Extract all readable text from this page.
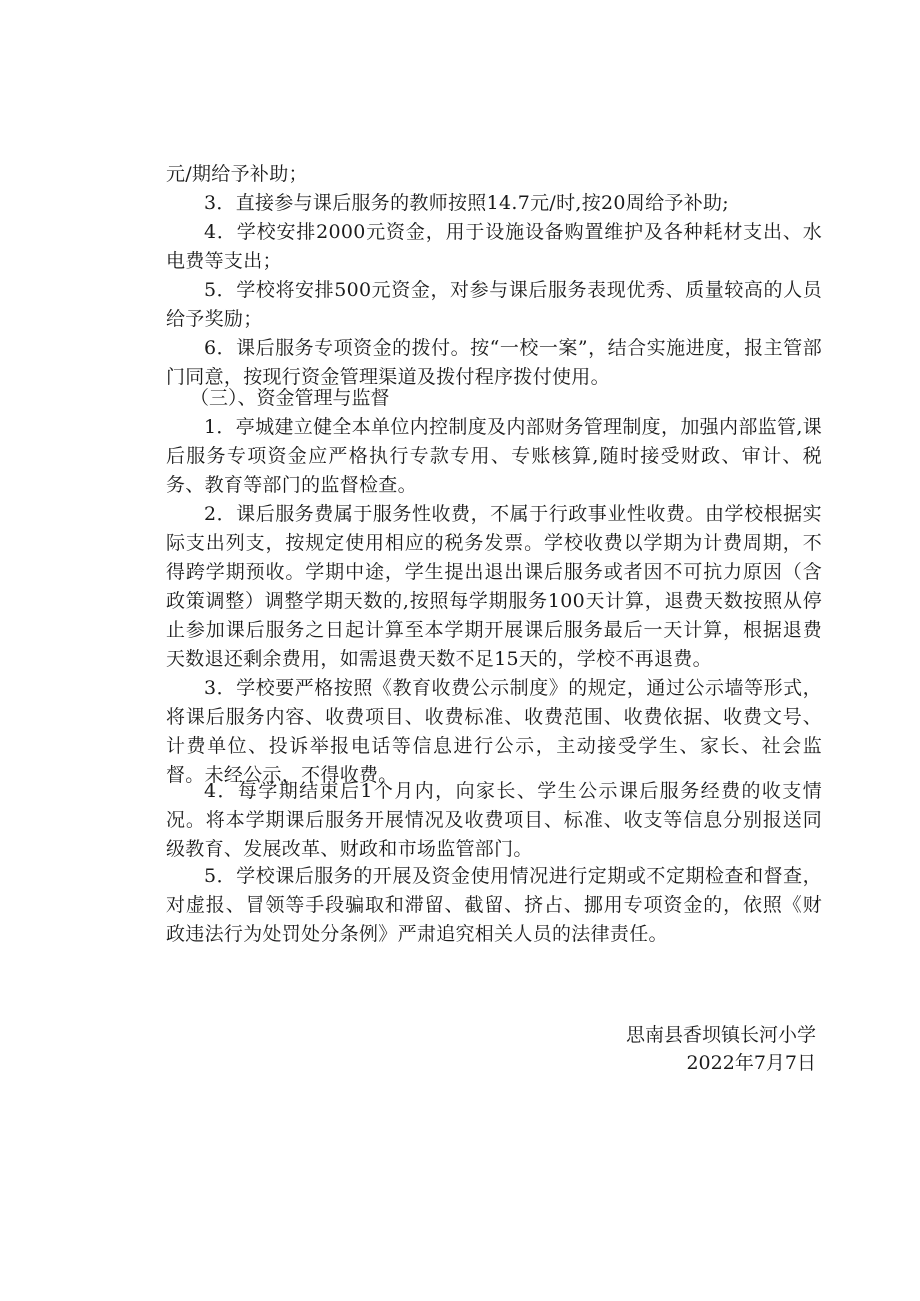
元/期给予补助；

3．直接参与课后服务的教师按照14.7元/时,按20周给予补助;

4．学校安排2000元资金，用于设施设备购置维护及各种耗材支出、水电费等支出；

5．学校将安排500元资金，对参与课后服务表现优秀、质量较高的人员给予奖励；

6．课后服务专项资金的拨付。按“一校一案”，结合实施进度，报主管部门同意，按现行资金管理渠道及拨付程序拨付使用。

（三）、资金管理与监督

1．亭城建立健全本单位内控制度及内部财务管理制度，加强内部监管,课后服务专项资金应严格执行专款专用、专账核算,随时接受财政、审计、税务、教育等部门的监督检查。

2．课后服务费属于服务性收费，不属于行政事业性收费。由学校根据实际支出列支，按规定使用相应的税务发票。学校收费以学期为计费周期，不得跨学期预收。学期中途，学生提出退出课后服务或者因不可抗力原因（含政策调整）调整学期天数的,按照每学期服务100天计算，退费天数按照从停止参加课后服务之日起计算至本学期开展课后服务最后一天计算，根据退费天数退还剩余费用，如需退费天数不足15天的，学校不再退费。

3．学校要严格按照《教育收费公示制度》的规定，通过公示墙等形式，将课后服务内容、收费项目、收费标准、收费范围、收费依据、收费文号、计费单位、投诉举报电话等信息进行公示，主动接受学生、家长、社会监督。未经公示，不得收费。

4．每学期结束后1个月内，向家长、学生公示课后服务经费的收支情况。将本学期课后服务开展情况及收费项目、标准、收支等信息分别报送同级教育、发展改革、财政和市场监管部门。

5．学校课后服务的开展及资金使用情况进行定期或不定期检查和督查，对虚报、冒领等手段骗取和滞留、截留、挤占、挪用专项资金的，依照《财政违法行为处罚处分条例》严肃追究相关人员的法律责任。

思南县香坝镇长河小学

2022年7月7日
